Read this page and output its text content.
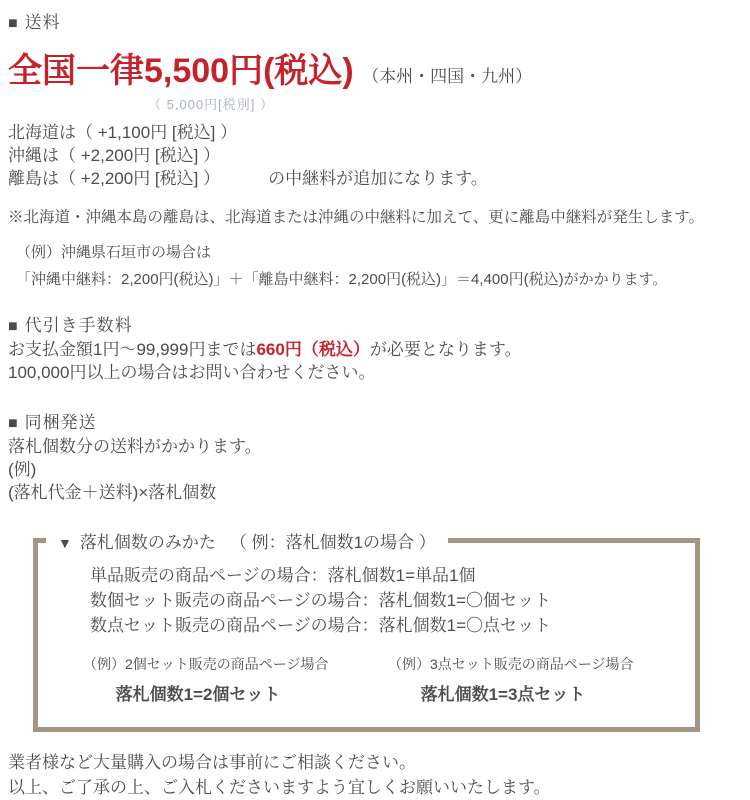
■ 送料
全国一律5,500円(税込) （本州・四国・九州）
（ 5,000円[税別] ）
北海道は（ +1,100円 [税込] ）
沖縄は（ +2,200円 [税込] ）
離島は（ +2,200円 [税込] ）	の中継料が追加になります。
※北海道・沖縄本島の離島は、北海道または沖縄の中継料に加えて、更に離島中継料が発生します。
（例）沖縄県石垣市の場合は
「沖縄中継料：2,200円(税込)」＋「離島中継料：2,200円(税込)」＝4,400円(税込)がかかります。
■ 代引き手数料
お支払金額1円～99,999円までは660円（税込）が必要となります。
100,000円以上の場合はお問い合わせください。
■ 同梱発送
落札個数分の送料がかかります。
(例)
(落札代金＋送料)×落札個数
▼ 落札個数のみかた （ 例：落札個数1の場合 ）
単品販売の商品ページの場合：落札個数1=単品1個
数個セット販売の商品ページの場合：落札個数1=〇個セット
数点セット販売の商品ページの場合：落札個数1=〇点セット
（例）2個セット販売の商品ページ場合
落札個数1=2個セット
（例）3点セット販売の商品ページ場合
落札個数1=3点セット
業者様など大量購入の場合は事前にご相談ください。
以上、ご了承の上、ご入札くださいますよう宜しくお願いいたします。
